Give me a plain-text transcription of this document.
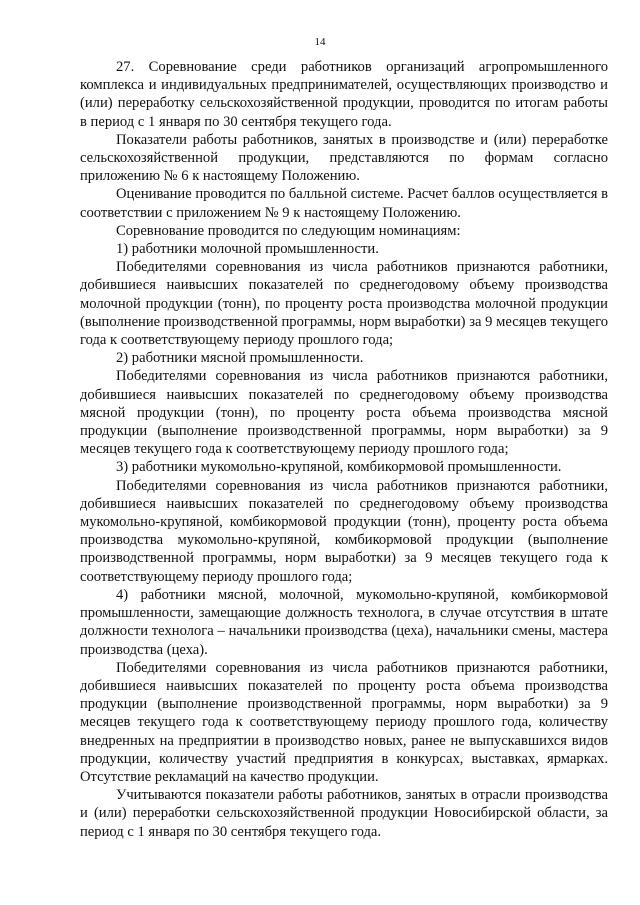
14

27. Соревнование среди работников организаций агропромышленного комплекса и индивидуальных предпринимателей, осуществляющих производство и (или) переработку сельскохозяйственной продукции, проводится по итогам работы в период с 1 января по 30 сентября текущего года.

Показатели работы работников, занятых в производстве и (или) переработке сельскохозяйственной продукции, представляются по формам согласно приложению № 6 к настоящему Положению.

Оценивание проводится по балльной системе. Расчет баллов осуществляется в соответствии с приложением № 9 к настоящему Положению.

Соревнование проводится по следующим номинациям:

1) работники молочной промышленности.

Победителями соревнования из числа работников признаются работники, добившиеся наивысших показателей по среднегодовому объему производства молочной продукции (тонн), по проценту роста производства молочной продукции (выполнение производственной программы, норм выработки) за 9 месяцев текущего года к соответствующему периоду прошлого года;

2) работники мясной промышленности.

Победителями соревнования из числа работников признаются работники, добившиеся наивысших показателей по среднегодовому объему производства мясной продукции (тонн), по проценту роста объема производства мясной продукции (выполнение производственной программы, норм выработки) за 9 месяцев текущего года к соответствующему периоду прошлого года;

3) работники мукомольно-крупяной, комбикормовой промышленности.

Победителями соревнования из числа работников признаются работники, добившиеся наивысших показателей по среднегодовому объему производства мукомольно-крупяной, комбикормовой продукции (тонн), проценту роста объема производства мукомольно-крупяной, комбикормовой продукции (выполнение производственной программы, норм выработки) за 9 месяцев текущего года к соответствующему периоду прошлого года;

4) работники мясной, молочной, мукомольно-крупяной, комбикормовой промышленности, замещающие должность технолога, в случае отсутствия в штате должности технолога – начальники производства (цеха), начальники смены, мастера производства (цеха).

Победителями соревнования из числа работников признаются работники, добившиеся наивысших показателей по проценту роста объема производства продукции (выполнение производственной программы, норм выработки) за 9 месяцев текущего года к соответствующему периоду прошлого года, количеству внедренных на предприятии в производство новых, ранее не выпускавшихся видов продукции, количеству участий предприятия в конкурсах, выставках, ярмарках. Отсутствие рекламаций на качество продукции.

Учитываются показатели работы работников, занятых в отрасли производства и (или) переработки сельскохозяйственной продукции Новосибирской области, за период с 1 января по 30 сентября текущего года.
